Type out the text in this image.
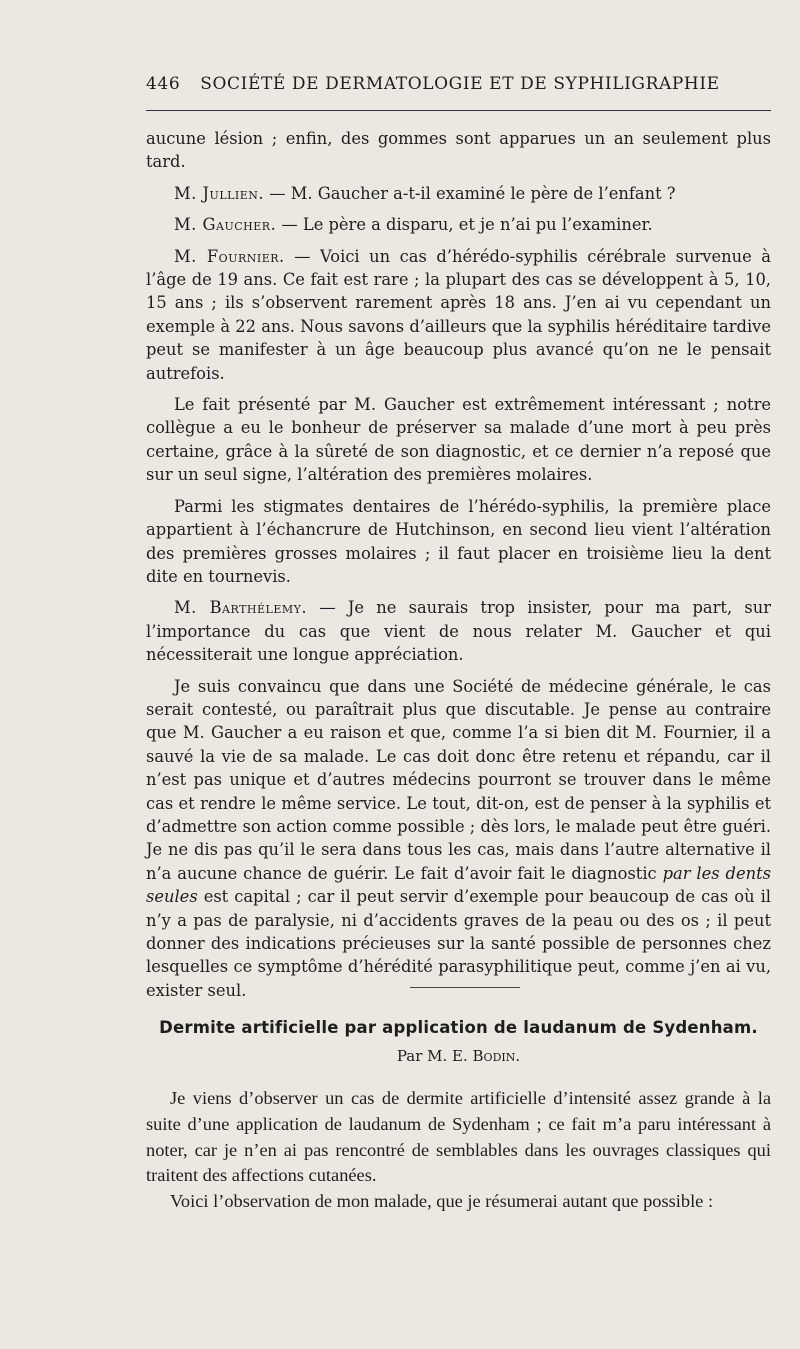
446 SOCIÉTÉ DE DERMATOLOGIE ET DE SYPHILIGRAPHIE

aucune lésion ; enfin, des gommes sont apparues un an seulement plus tard.

M. Jullien. — M. Gaucher a-t-il examiné le père de l’enfant ?

M. Gaucher. — Le père a disparu, et je n’ai pu l’examiner.

M. Fournier. — Voici un cas d’hérédo-syphilis cérébrale survenue à l’âge de 19 ans. Ce fait est rare ; la plupart des cas se développent à 5, 10, 15 ans ; ils s’observent rarement après 18 ans. J’en ai vu cependant un exemple à 22 ans. Nous savons d’ailleurs que la syphilis héréditaire tardive peut se manifester à un âge beaucoup plus avancé qu’on ne le pensait autrefois.

Le fait présenté par M. Gaucher est extrêmement intéressant ; notre collègue a eu le bonheur de préserver sa malade d’une mort à peu près certaine, grâce à la sûreté de son diagnostic, et ce dernier n’a reposé que sur un seul signe, l’altération des premières molaires.

Parmi les stigmates dentaires de l’hérédo-syphilis, la première place appartient à l’échancrure de Hutchinson, en second lieu vient l’altération des premières grosses molaires ; il faut placer en troisième lieu la dent dite en tournevis.

M. Barthélemy. — Je ne saurais trop insister, pour ma part, sur l’importance du cas que vient de nous relater M. Gaucher et qui nécessiterait une longue appréciation.

Je suis convaincu que dans une Société de médecine générale, le cas serait contesté, ou paraîtrait plus que discutable. Je pense au contraire que M. Gaucher a eu raison et que, comme l’a si bien dit M. Fournier, il a sauvé la vie de sa malade. Le cas doit donc être retenu et répandu, car il n’est pas unique et d’autres médecins pourront se trouver dans le même cas et rendre le même service. Le tout, dit-on, est de penser à la syphilis et d’admettre son action comme possible ; dès lors, le malade peut être guéri. Je ne dis pas qu’il le sera dans tous les cas, mais dans l’autre alternative il n’a aucune chance de guérir. Le fait d’avoir fait le diagnostic par les dents seules est capital ; car il peut servir d’exemple pour beaucoup de cas où il n’y a pas de paralysie, ni d’accidents graves de la peau ou des os ; il peut donner des indications précieuses sur la santé possible de personnes chez lesquelles ce symptôme d’hérédité parasyphilitique peut, comme j’en ai vu, exister seul.

Dermite artificielle par application de laudanum de Sydenham.
Par M. E. Bodin.

Je viens d’observer un cas de dermite artificielle d’intensité assez grande à la suite d’une application de laudanum de Sydenham ; ce fait m’a paru intéressant à noter, car je n’en ai pas rencontré de semblables dans les ouvrages classiques qui traitent des affections cutanées.

Voici l’observation de mon malade, que je résumerai autant que possible :
